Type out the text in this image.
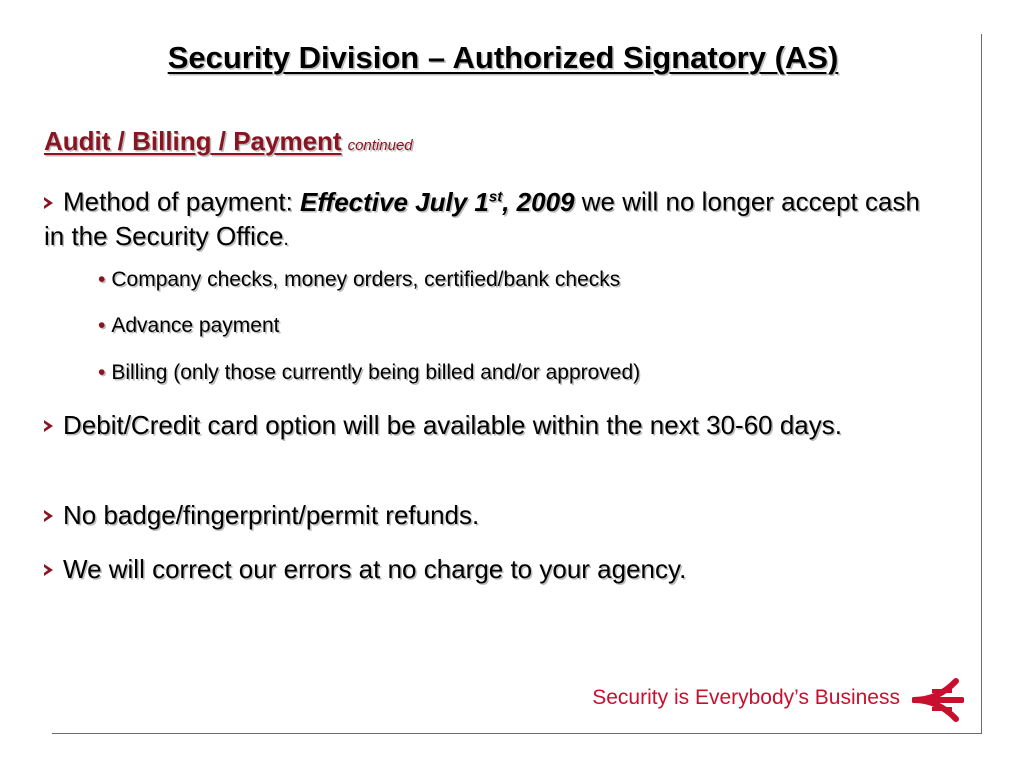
Security Division – Authorized Signatory (AS)
Audit / Billing / Payment continued
Method of payment: Effective July 1st, 2009 we will no longer accept cash in the Security Office.
• Company checks, money orders, certified/bank checks
• Advance payment
• Billing (only those currently being billed and/or approved)
Debit/Credit card option will be available within the next 30-60 days.
No badge/fingerprint/permit refunds.
We will correct our errors at no charge to your agency.
Security is Everybody’s Business
